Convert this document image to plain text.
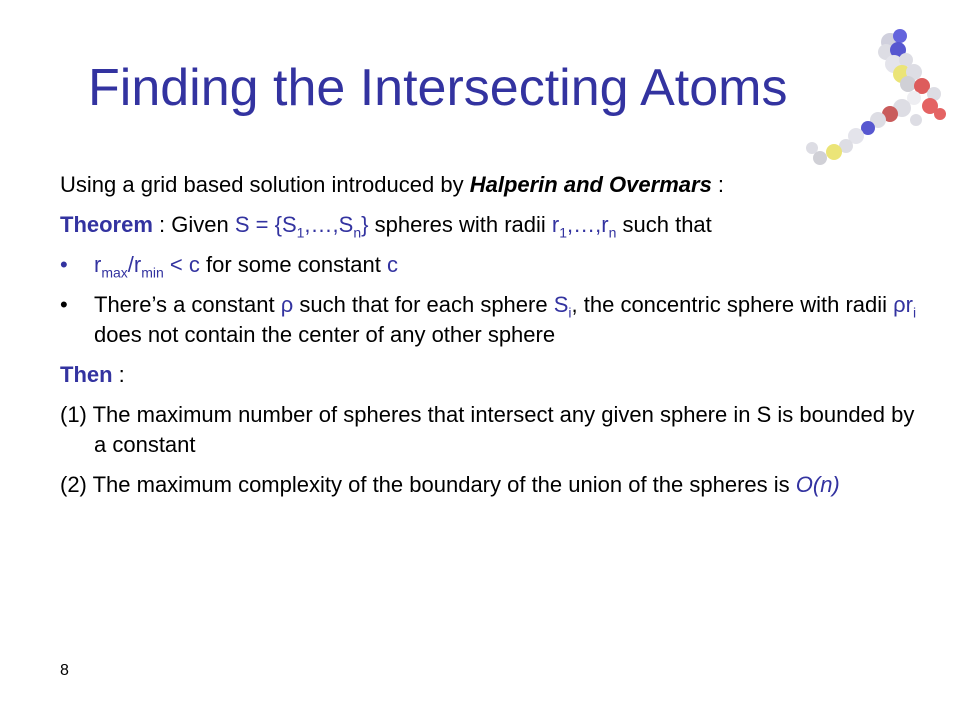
Finding the Intersecting Atoms

Using a grid based solution introduced by Halperin and Overmars :

Theorem : Given $S = \{S_1,\dots,S_n\}$ spheres with radii $r_1,\dots,r_n$ such that

• $r_{max}/r_{min} < c$ for some constant c
• There’s a constant ρ such that for each sphere $S_i$, the concentric sphere with radii $\rho r_i$ does not contain the center of any other sphere

Then :

(1) The maximum number of spheres that intersect any given sphere in S is bounded by a constant

(2) The maximum complexity of the boundary of the union of the spheres is O(n)

8
